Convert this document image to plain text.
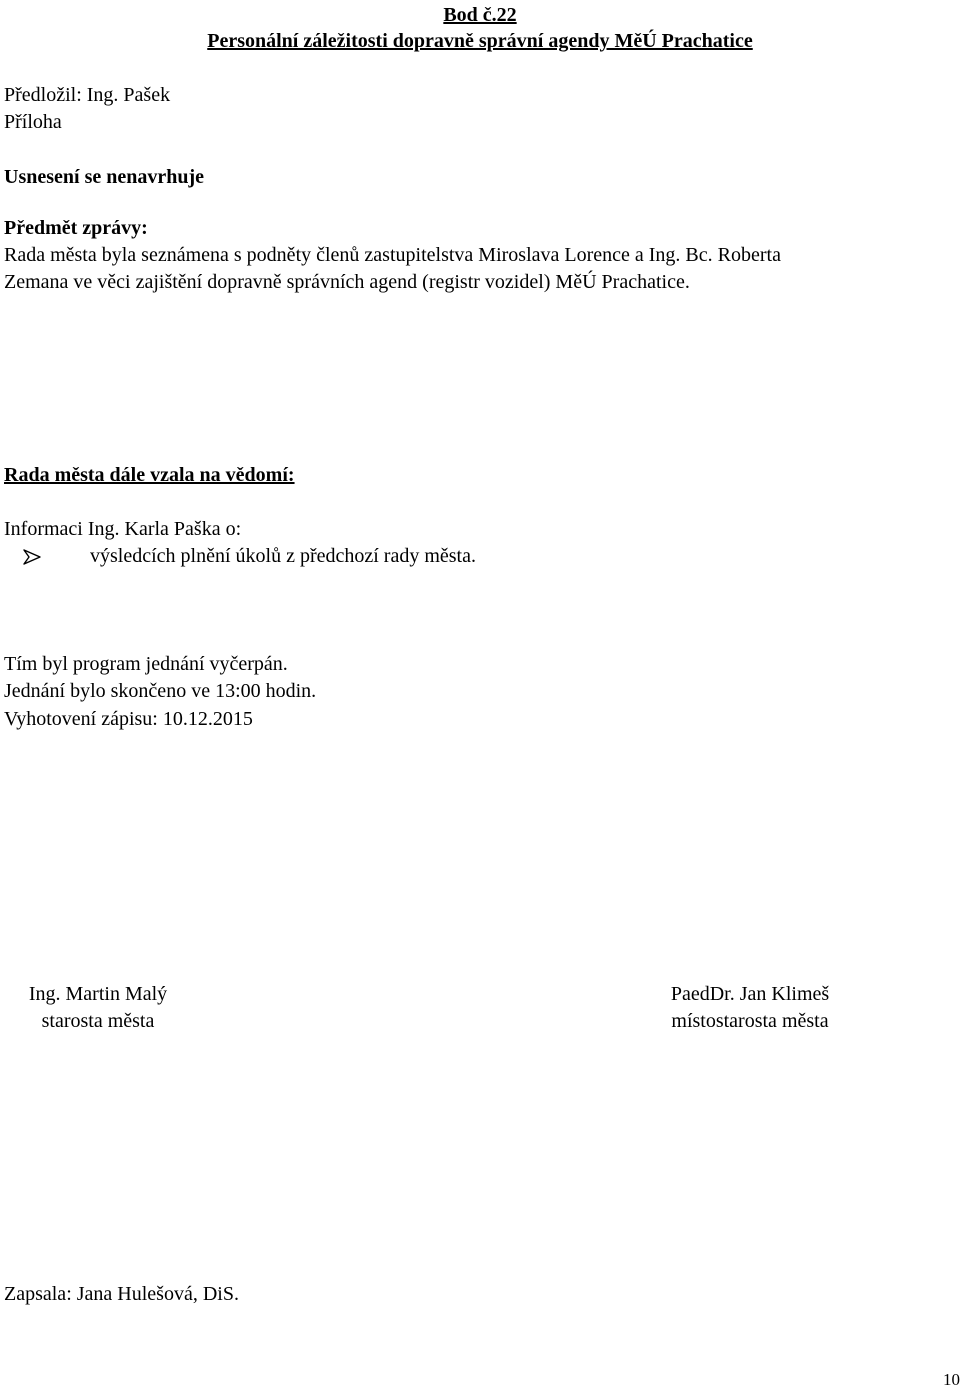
Bod č.22
Personální záležitosti dopravně správní agendy MěÚ Prachatice
Předložil: Ing. Pašek
Příloha
Usnesení se nenavrhuje
Předmět zprávy:
Rada města byla seznámena s podněty členů zastupitelstva Miroslava Lorence a Ing. Bc. Roberta
Zemana ve věci zajištění dopravně správních agend (registr vozidel) MěÚ Prachatice.
Rada města dále vzala na vědomí:
Informaci Ing. Karla Paška o:
výsledcích plnění úkolů z předchozí rady města.
Tím byl program jednání vyčerpán.
Jednání bylo skončeno ve 13:00 hodin.
Vyhotovení zápisu: 10.12.2015
Ing. Martin Malý
starosta města
PaedDr. Jan Klimeš
místostarosta města
Zapsala: Jana Hulešová, DiS.
10
